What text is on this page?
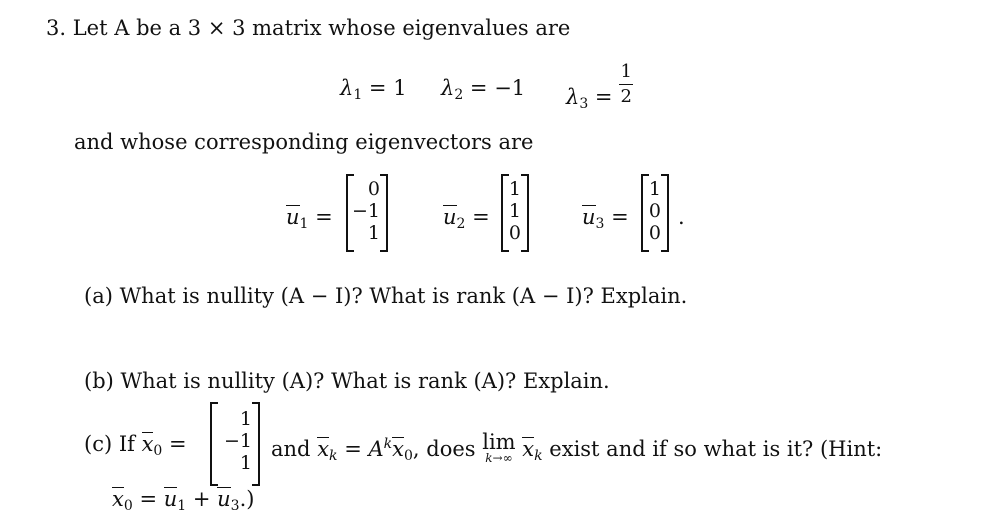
3. Let A be a 3 × 3 matrix whose eigenvalues are
$\lambda_1 = 1$ $\lambda_2 = -1$ $\lambda_3 = \frac{1}{2}$
and whose corresponding eigenvectors are
$u_1$ =
0
−1
1
$u_2$ =
1
1
0
$u_3$ =
1
0
0
.
(a) What is nullity (A − I)? What is rank (A − I)? Explain.
(b) What is nullity (A)? What is rank (A)? Explain.
(c) If $x_0$ =
1
−1
1
and xk = $A^kx_0$, does lim
k→∞ xk exist and if so what is it? (Hint:
$x_0 = u_1 + u_3$.)
